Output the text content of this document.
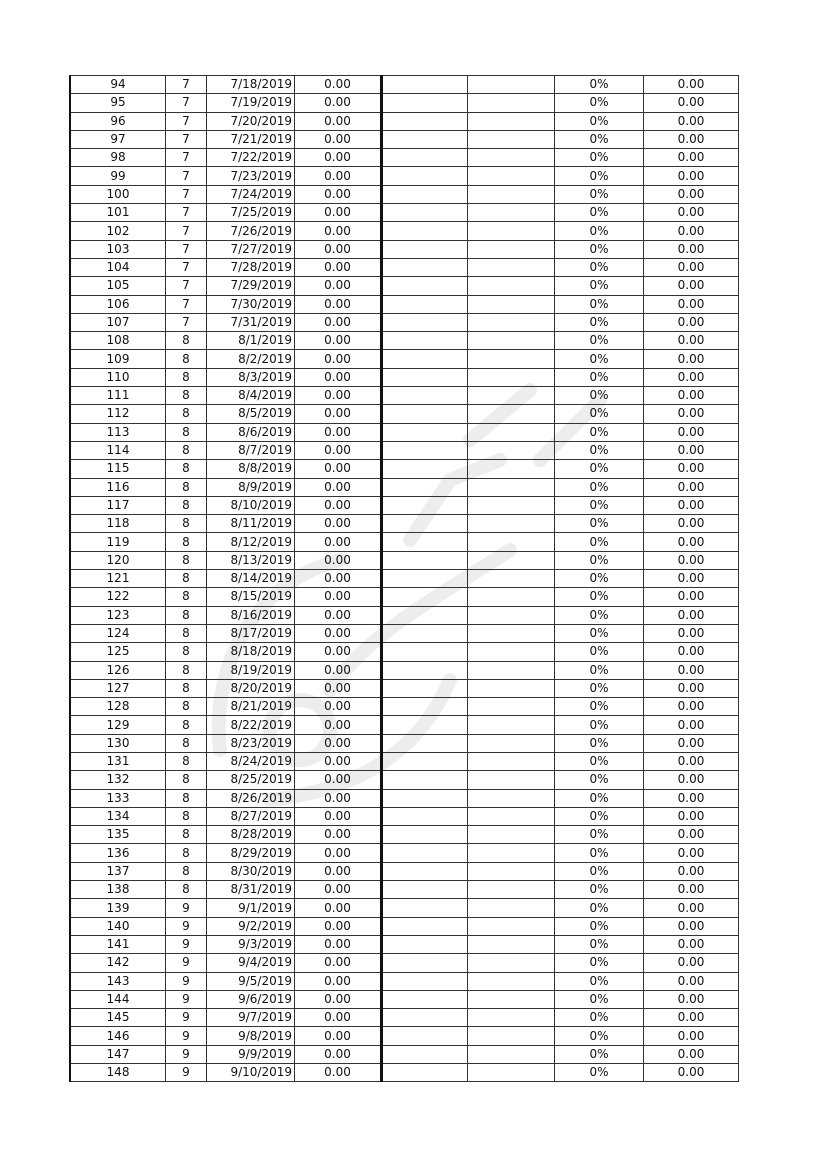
94	7	7/18/2019	0.00			0%	0.00
95	7	7/19/2019	0.00			0%	0.00
96	7	7/20/2019	0.00			0%	0.00
97	7	7/21/2019	0.00			0%	0.00
98	7	7/22/2019	0.00			0%	0.00
99	7	7/23/2019	0.00			0%	0.00
100	7	7/24/2019	0.00			0%	0.00
101	7	7/25/2019	0.00			0%	0.00
102	7	7/26/2019	0.00			0%	0.00
103	7	7/27/2019	0.00			0%	0.00
104	7	7/28/2019	0.00			0%	0.00
105	7	7/29/2019	0.00			0%	0.00
106	7	7/30/2019	0.00			0%	0.00
107	7	7/31/2019	0.00			0%	0.00
108	8	8/1/2019	0.00			0%	0.00
109	8	8/2/2019	0.00			0%	0.00
110	8	8/3/2019	0.00			0%	0.00
111	8	8/4/2019	0.00			0%	0.00
112	8	8/5/2019	0.00			0%	0.00
113	8	8/6/2019	0.00			0%	0.00
114	8	8/7/2019	0.00			0%	0.00
115	8	8/8/2019	0.00			0%	0.00
116	8	8/9/2019	0.00			0%	0.00
117	8	8/10/2019	0.00			0%	0.00
118	8	8/11/2019	0.00			0%	0.00
119	8	8/12/2019	0.00			0%	0.00
120	8	8/13/2019	0.00			0%	0.00
121	8	8/14/2019	0.00			0%	0.00
122	8	8/15/2019	0.00			0%	0.00
123	8	8/16/2019	0.00			0%	0.00
124	8	8/17/2019	0.00			0%	0.00
125	8	8/18/2019	0.00			0%	0.00
126	8	8/19/2019	0.00			0%	0.00
127	8	8/20/2019	0.00			0%	0.00
128	8	8/21/2019	0.00			0%	0.00
129	8	8/22/2019	0.00			0%	0.00
130	8	8/23/2019	0.00			0%	0.00
131	8	8/24/2019	0.00			0%	0.00
132	8	8/25/2019	0.00			0%	0.00
133	8	8/26/2019	0.00			0%	0.00
134	8	8/27/2019	0.00			0%	0.00
135	8	8/28/2019	0.00			0%	0.00
136	8	8/29/2019	0.00			0%	0.00
137	8	8/30/2019	0.00			0%	0.00
138	8	8/31/2019	0.00			0%	0.00
139	9	9/1/2019	0.00			0%	0.00
140	9	9/2/2019	0.00			0%	0.00
141	9	9/3/2019	0.00			0%	0.00
142	9	9/4/2019	0.00			0%	0.00
143	9	9/5/2019	0.00			0%	0.00
144	9	9/6/2019	0.00			0%	0.00
145	9	9/7/2019	0.00			0%	0.00
146	9	9/8/2019	0.00			0%	0.00
147	9	9/9/2019	0.00			0%	0.00
148	9	9/10/2019	0.00			0%	0.00
